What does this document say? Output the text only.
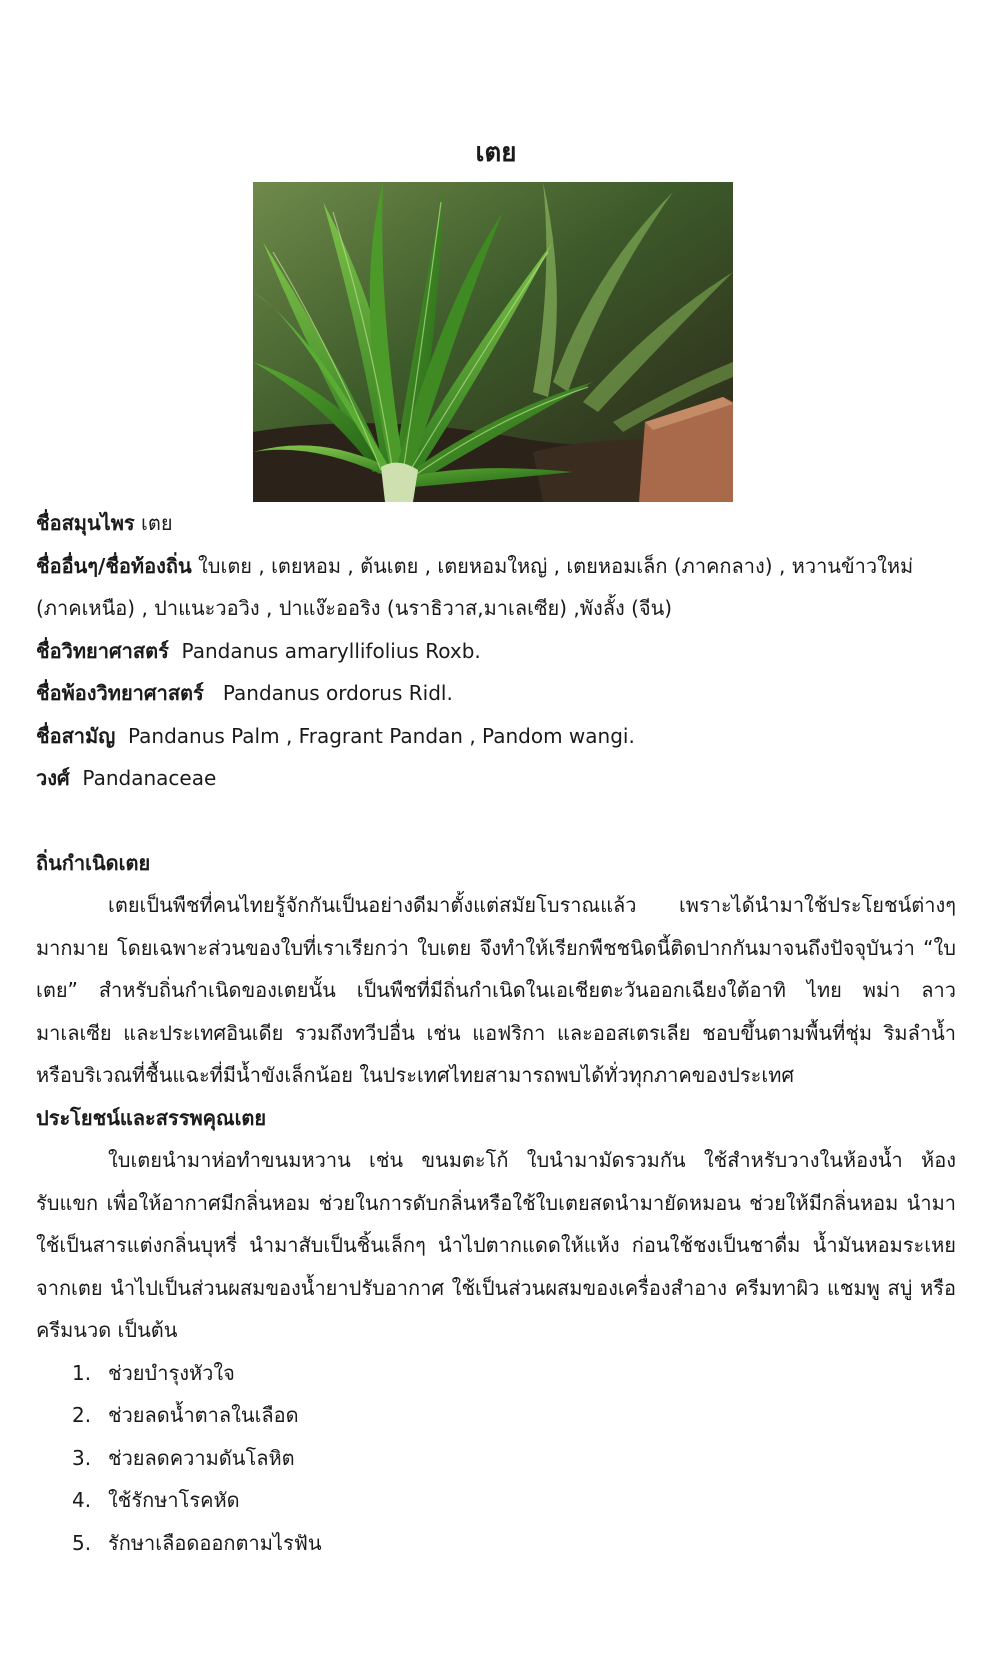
เตย
ชื่อสมุนไพร เตย
ชื่ออื่นๆ/ชื่อท้องถิ่น ใบเตย , เตยหอม , ต้นเตย , เตยหอมใหญ่ , เตยหอมเล็ก (ภาคกลาง) , หวานข้าวใหม่
(ภาคเหนือ) , ปาแนะวอวิง , ปาแง๊ะออริง (นราธิวาส,มาเลเซีย) ,พังลั้ง (จีน)
ชื่อวิทยาศาสตร์ Pandanus amaryllifolius Roxb.
ชื่อพ้องวิทยาศาสตร์ Pandanus ordorus Ridl.
ชื่อสามัญ Pandanus Palm , Fragrant Pandan , Pandom wangi.
วงศ์ Pandanaceae
ถิ่นกำเนิดเตย
เตยเป็นพืชที่คนไทยรู้จักกันเป็นอย่างดีมาตั้งแต่สมัยโบราณแล้ว เพราะได้นำมาใช้ประโยชน์ต่างๆ มากมาย โดยเฉพาะส่วนของใบที่เราเรียกว่า ใบเตย จึงทำให้เรียกพืชชนิดนี้ติดปากกันมาจนถึงปัจจุบันว่า “ใบเตย” สำหรับถิ่นกำเนิดของเตยนั้น เป็นพืชที่มีถิ่นกำเนิดในเอเชียตะวันออกเฉียงใต้อาทิ ไทย พม่า ลาว มาเลเซีย และประเทศอินเดีย รวมถึงทวีปอื่น เช่น แอฟริกา และออสเตรเลีย ชอบขึ้นตามพื้นที่ชุ่ม ริมลำน้ำ หรือบริเวณที่ชื้นแฉะที่มีน้ำขังเล็กน้อย ในประเทศไทยสามารถพบได้ทั่วทุกภาคของประเทศ
ประโยชน์และสรรพคุณเตย
ใบเตยนำมาห่อทำขนมหวาน เช่น ขนมตะโก้ ใบนำมามัดรวมกัน ใช้สำหรับวางในห้องน้ำ ห้องรับแขก เพื่อให้อากาศมีกลิ่นหอม ช่วยในการดับกลิ่นหรือใช้ใบเตยสดนำมายัดหมอน ช่วยให้มีกลิ่นหอม นำมาใช้เป็นสารแต่งกลิ่นบุหรี่ นำมาสับเป็นชิ้นเล็กๆ นำไปตากแดดให้แห้ง ก่อนใช้ชงเป็นชาดื่ม น้ำมันหอมระเหยจากเตย นำไปเป็นส่วนผสมของน้ำยาปรับอากาศ ใช้เป็นส่วนผสมของเครื่องสำอาง ครีมทาผิว แชมพู สบู่ หรือ ครีมนวด เป็นต้น
1. ช่วยบำรุงหัวใจ
2. ช่วยลดน้ำตาลในเลือด
3. ช่วยลดความดันโลหิต
4. ใช้รักษาโรคหัด
5. รักษาเลือดออกตามไรฟัน
